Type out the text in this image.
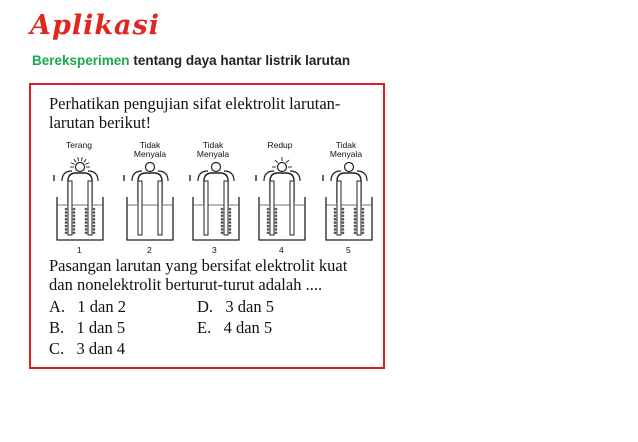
Aplikasi
Bereksperimen tentang daya hantar listrik larutan
Perhatikan pengujian sifat elektrolit larutan-
larutan berikut!
Terang	Tidak Menyala
Tidak Menyala
Redup	Tidak Menyala
1	2	3	4	5
Pasangan larutan yang bersifat elektrolit kuat
dan nonelektrolit berturut-turut adalah ....
A. 1 dan 2
B. 1 dan 5
C. 3 dan 4
D. 3 dan 5
E. 4 dan 5
